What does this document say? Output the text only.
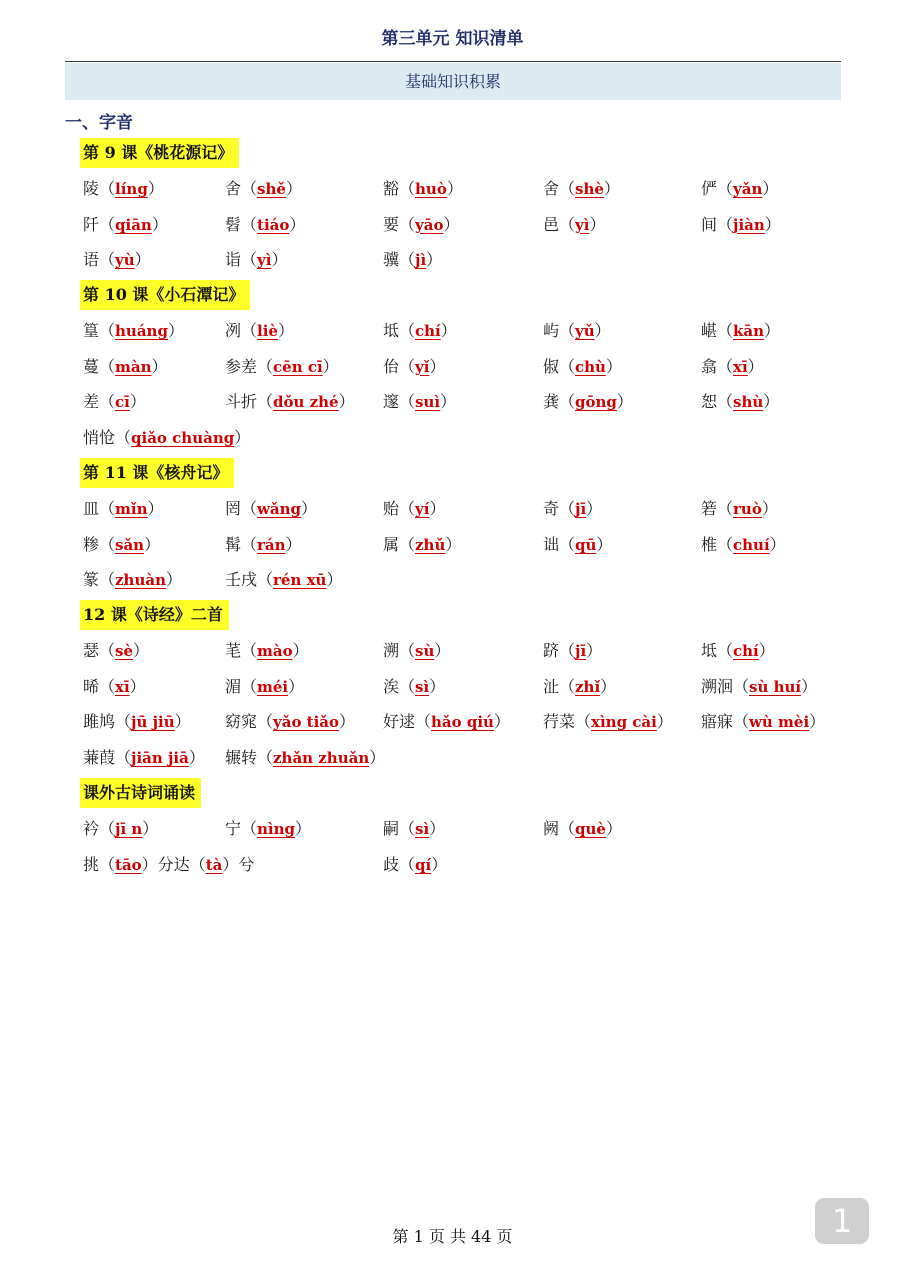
第三单元 知识清单
基础知识积累
一、字音
第 9 课《桃花源记》
陵（líng）	舍（shě）	豁（huò）	舍（shè）	俨（yǎn）
阡（qiān）	髫（tiáo）	要（yāo）	邑（yì）	间（jiàn）
语（yù）	诣（yì）	骥（jì）
第 10 课《小石潭记》
篁（huáng）	冽（liè）	坻（chí）	屿（yǔ）	嵁（kān）
蔓（màn）	参差（cēn cī）	佁（yǐ）	俶（chù）	翕（xī）
差（cī）	斗折（dǒu zhé） 邃（suì）	龚（gōng）	恕（shù）
悄怆（qiǎo chuàng）
第 11 课《核舟记》
皿（mǐn）	罔（wǎng）	贻（yí）	奇（jī）	箬（ruò）
糁（sǎn）	髯（rán）	属（zhǔ）	诎（qū）	椎（chuí）
篆（zhuàn）	壬戌（rén xū）
12 课《诗经》二首
瑟（sè）	芼（mào）	溯（sù）	跻（jī）	坻（chí）
晞（xī）	湄（méi）	涘（sì）	沚（zhǐ）	溯洄（sù huí）
雎鸠（jū jiū） 窈窕（yǎo tiǎo） 好逑（hǎo qiú） 荇菜（xìng cài） 寤寐（wù mèi）
蒹葭（jiān jiā） 辗转（zhǎn zhuǎn）
课外古诗词诵读
衿（jī n）	宁（nìng）	嗣（sì）	阙（què）
挑（tāo）分达（tà）兮	歧（qí）
第 1 页 共 44 页	1
